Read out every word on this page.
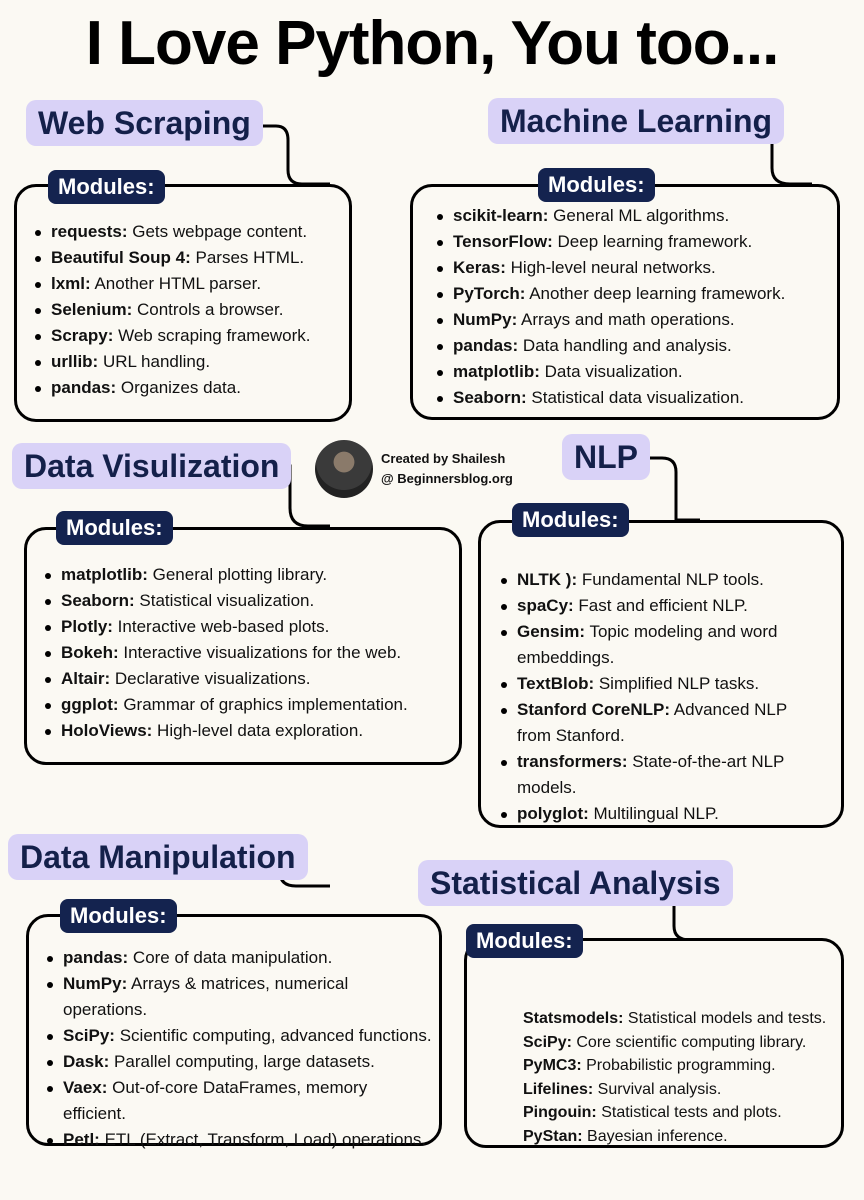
I Love Python, You too...
Web Scraping
requests: Gets webpage content.
Beautiful Soup 4: Parses HTML.
lxml: Another HTML parser.
Selenium: Controls a browser.
Scrapy: Web scraping framework.
urllib: URL handling.
pandas: Organizes data.
Modules:
Machine Learning
scikit-learn: General ML algorithms.
TensorFlow: Deep learning framework.
Keras: High-level neural networks.
PyTorch: Another deep learning framework.
NumPy: Arrays and math operations.
pandas: Data handling and analysis.
matplotlib: Data visualization.
Seaborn: Statistical data visualization.
Modules:
Created by Shailesh
@ Beginnersblog.org
Data Visulization
matplotlib: General plotting library.
Seaborn: Statistical visualization.
Plotly: Interactive web-based plots.
Bokeh: Interactive visualizations for the web.
Altair: Declarative visualizations.
ggplot: Grammar of graphics implementation.
HoloViews: High-level data exploration.
Modules:
NLP
NLTK ): Fundamental NLP tools.
spaCy: Fast and efficient NLP.
Gensim: Topic modeling and word embeddings.
TextBlob: Simplified NLP tasks.
Stanford CoreNLP: Advanced NLP from Stanford.
transformers: State-of-the-art NLP models.
polyglot: Multilingual NLP.
Modules:
Data Manipulation
pandas: Core of data manipulation.
NumPy: Arrays & matrices, numerical operations.
SciPy: Scientific computing, advanced functions.
Dask: Parallel computing, large datasets.
Vaex: Out-of-core DataFrames, memory efficient.
Petl: ETL (Extract, Transform, Load) operations.
Modules:
Statistical Analysis
Statsmodels: Statistical models and tests.
SciPy: Core scientific computing library.
PyMC3: Probabilistic programming.
Lifelines: Survival analysis.
Pingouin: Statistical tests and plots.
PyStan: Bayesian inference.
Modules:
